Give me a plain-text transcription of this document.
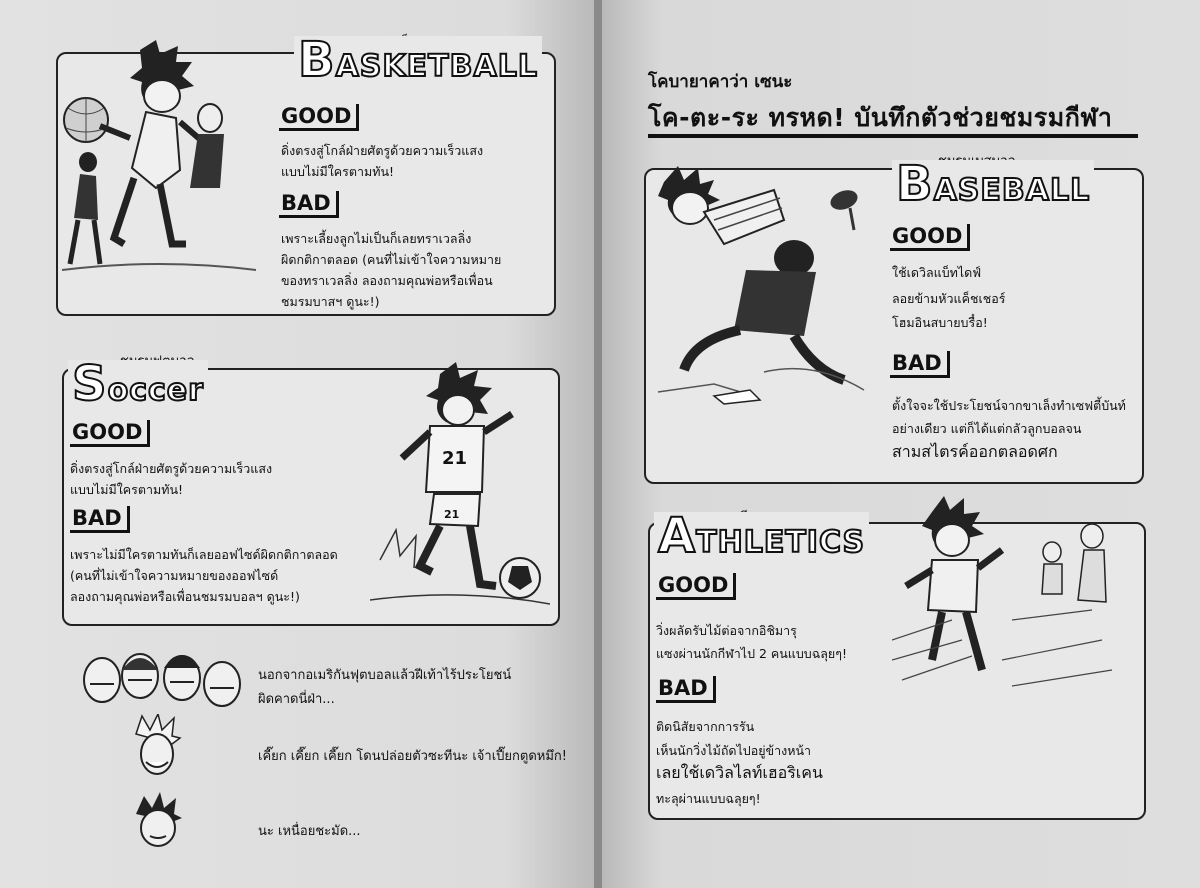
BASKETBALL
GOOD
ดิ่งตรงสู่โกล์ฝ่ายศัตรูด้วยความเร็วแสง
แบบไม่มีใครตามทัน!
BAD
เพราะเลี้ยงลูกไม่เป็นก็เลยทราเวลลิ่ง
ผิดกติกาตลอด (คนที่ไม่เข้าใจความหมาย
ของทราเวลลิ่ง ลองถามคุณพ่อหรือเพื่อน
ชมรมบาสฯ ดูนะ!)
Soccer
21
21
GOOD
ดิ่งตรงสู่โกล์ฝ่ายศัตรูด้วยความเร็วแสง
แบบไม่มีใครตามทัน!
BAD
เพราะไม่มีใครตามทันก็เลยออฟไซด์ผิดกติกาตลอด
(คนที่ไม่เข้าใจความหมายของออฟไซด์
ลองถามคุณพ่อหรือเพื่อนชมรมบอลฯ ดูนะ!)
นอกจากอเมริกันฟุตบอลแล้วฝีเท้าไร้ประโยชน์
ผิดคาดนี่ฝ่า...
เคี๊ยก เคี๊ยก เคี๊ยก โดนปล่อยตัวซะทีนะ เจ้าเปี๊ยกตูดหมึก!
นะ เหนื่อยชะมัด...
โคบายาคาว่า เซนะ
โค-ตะ-ระ ทรหด! บันทึกตัวช่วยชมรมกีฬา
BASEBALL
GOOD
ใช้เดวิลแบ็ทไดฟ์
ลอยข้ามหัวแค็ชเชอร์
โฮมอินสบายบรื๋อ!
BAD
ตั้งใจจะใช้ประโยชน์จากขาเล็งทำเซฟตี้บันท์
อย่างเดียว แต่ก็ได้แต่กลัวลูกบอลจน
สามสไตรค์ออกตลอดศก
ATHLETICS
GOOD
วิ่งผลัดรับไม้ต่อจากอิชิมารุ
แซงผ่านนักกีฬาไป 2 คนแบบฉลุยๆ!
BAD
ติดนิสัยจากการรัน
เห็นนักวิ่งไม้ถัดไปอยู่ข้างหน้า
เลยใช้เดวิลไลท์เฮอริเคน
ทะลุผ่านแบบฉลุยๆ!
